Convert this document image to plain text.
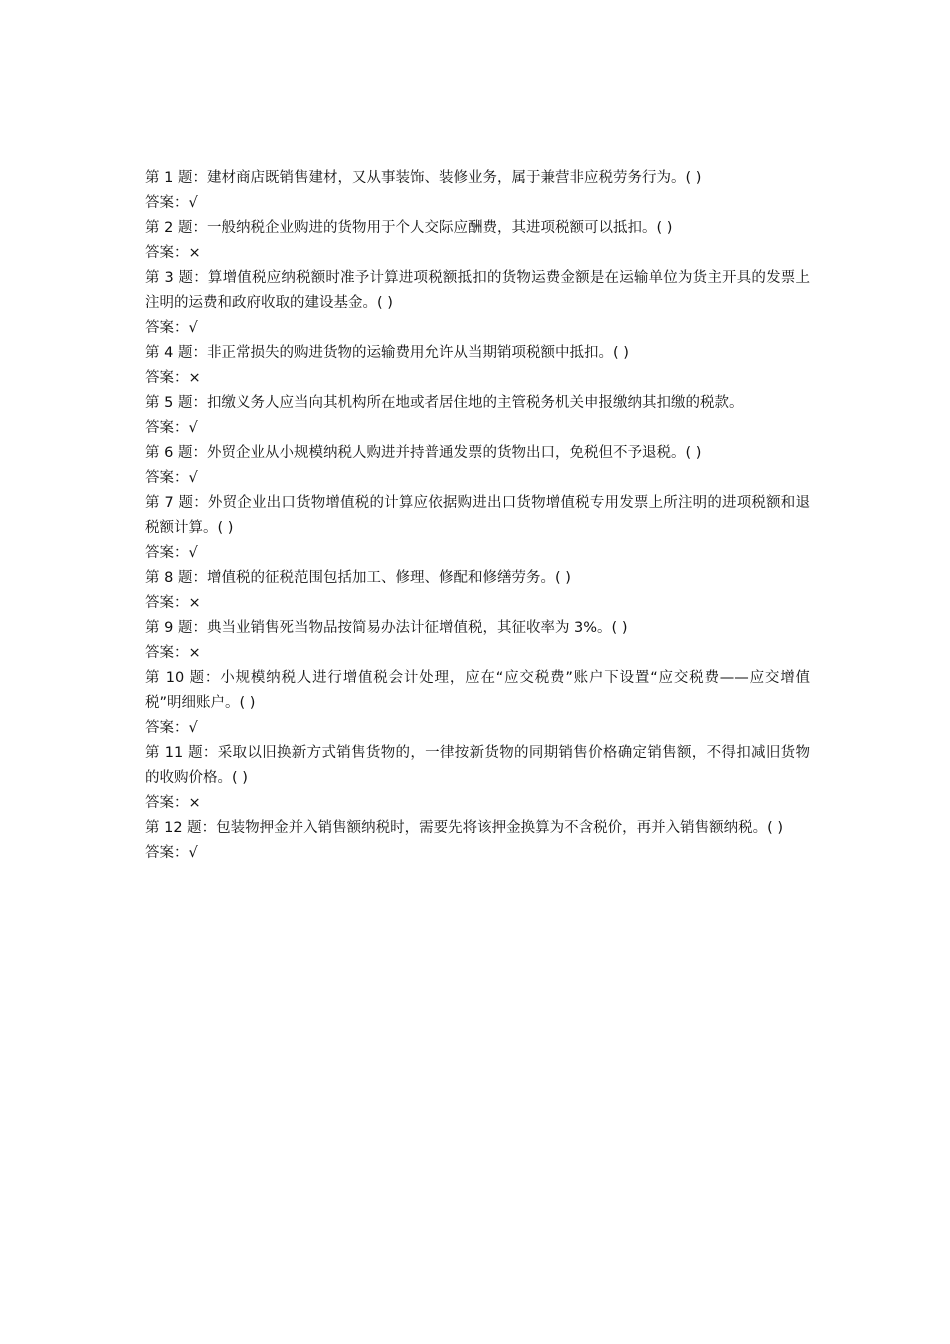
第 1 题：建材商店既销售建材，又从事装饰、装修业务，属于兼营非应税劳务行为。( )

答案：√

第 2 题：一般纳税企业购进的货物用于个人交际应酬费，其进项税额可以抵扣。( )

答案：×

第 3 题：算增值税应纳税额时准予计算进项税额抵扣的货物运费金额是在运输单位为货主开具的发票上注明的运费和政府收取的建设基金。( )

答案：√

第 4 题：非正常损失的购进货物的运输费用允许从当期销项税额中抵扣。( )

答案：×

第 5 题：扣缴义务人应当向其机构所在地或者居住地的主管税务机关申报缴纳其扣缴的税款。

答案：√

第 6 题：外贸企业从小规模纳税人购进并持普通发票的货物出口，免税但不予退税。( )

答案：√

第 7 题：外贸企业出口货物增值税的计算应依据购进出口货物增值税专用发票上所注明的进项税额和退税额计算。( )

答案：√

第 8 题：增值税的征税范围包括加工、修理、修配和修缮劳务。( )

答案：×

第 9 题：典当业销售死当物品按简易办法计征增值税，其征收率为 3%。( )

答案：×

第 10 题：小规模纳税人进行增值税会计处理，应在“应交税费”账户下设置“应交税费——应交增值税”明细账户。( )

答案：√

第 11 题：采取以旧换新方式销售货物的，一律按新货物的同期销售价格确定销售额，不得扣减旧货物的收购价格。( )

答案：×

第 12 题：包装物押金并入销售额纳税时，需要先将该押金换算为不含税价，再并入销售额纳税。( )

答案：√
